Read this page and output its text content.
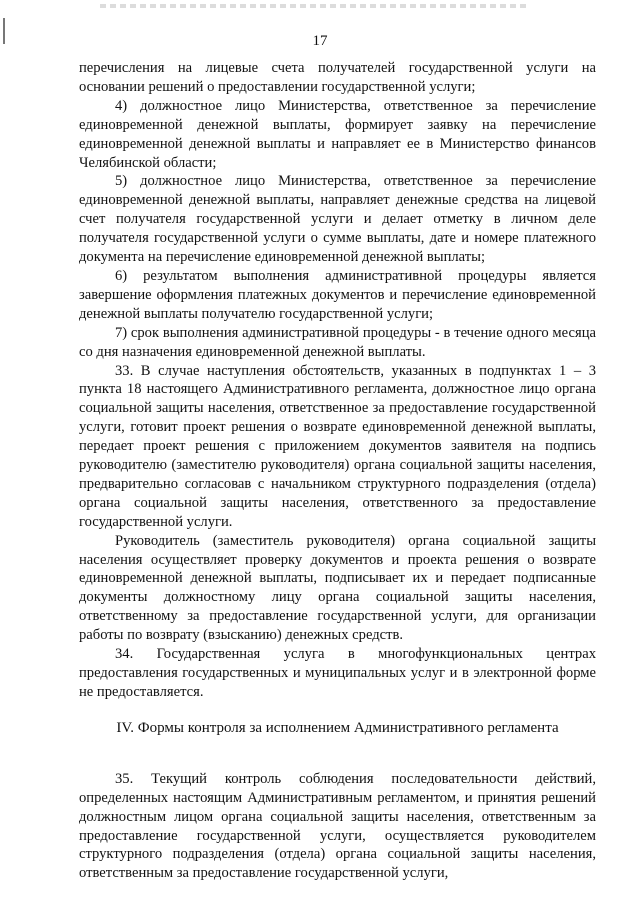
17

перечисления на лицевые счета получателей государственной услуги на основании решений о предоставлении государственной услуги;

4) должностное лицо Министерства, ответственное за перечисление единовременной денежной выплаты, формирует заявку на перечисление единовременной денежной выплаты и направляет ее в Министерство финансов Челябинской области;

5) должностное лицо Министерства, ответственное за перечисление единовременной денежной выплаты, направляет денежные средства на лицевой счет получателя государственной услуги и делает отметку в личном деле получателя государственной услуги о сумме выплаты, дате и номере платежного документа на перечисление единовременной денежной выплаты;

6) результатом выполнения административной процедуры является завершение оформления платежных документов и перечисление единовременной денежной выплаты получателю государственной услуги;

7) срок выполнения административной процедуры - в течение одного месяца со дня назначения единовременной денежной выплаты.

33. В случае наступления обстоятельств, указанных в подпунктах 1 – 3 пункта 18 настоящего Административного регламента, должностное лицо органа социальной защиты населения, ответственное за предоставление государственной услуги, готовит проект решения о возврате единовременной денежной выплаты, передает проект решения с приложением документов заявителя на подпись руководителю (заместителю руководителя) органа социальной защиты населения, предварительно согласовав с начальником структурного подразделения (отдела) органа социальной защиты населения, ответственного за предоставление государственной услуги.

Руководитель (заместитель руководителя) органа социальной защиты населения осуществляет проверку документов и проекта решения о возврате единовременной денежной выплаты, подписывает их и передает подписанные документы должностному лицу органа социальной защиты населения, ответственному за предоставление государственной услуги, для организации работы по возврату (взысканию) денежных средств.

34. Государственная услуга в многофункциональных центрах предоставления государственных и муниципальных услуг и в электронной форме не предоставляется.

IV. Формы контроля за исполнением Административного регламента

35. Текущий контроль соблюдения последовательности действий, определенных настоящим Административным регламентом, и принятия решений должностным лицом органа социальной защиты населения, ответственным за предоставление государственной услуги, осуществляется руководителем структурного подразделения (отдела) органа социальной защиты населения, ответственным за предоставление государственной услуги,
